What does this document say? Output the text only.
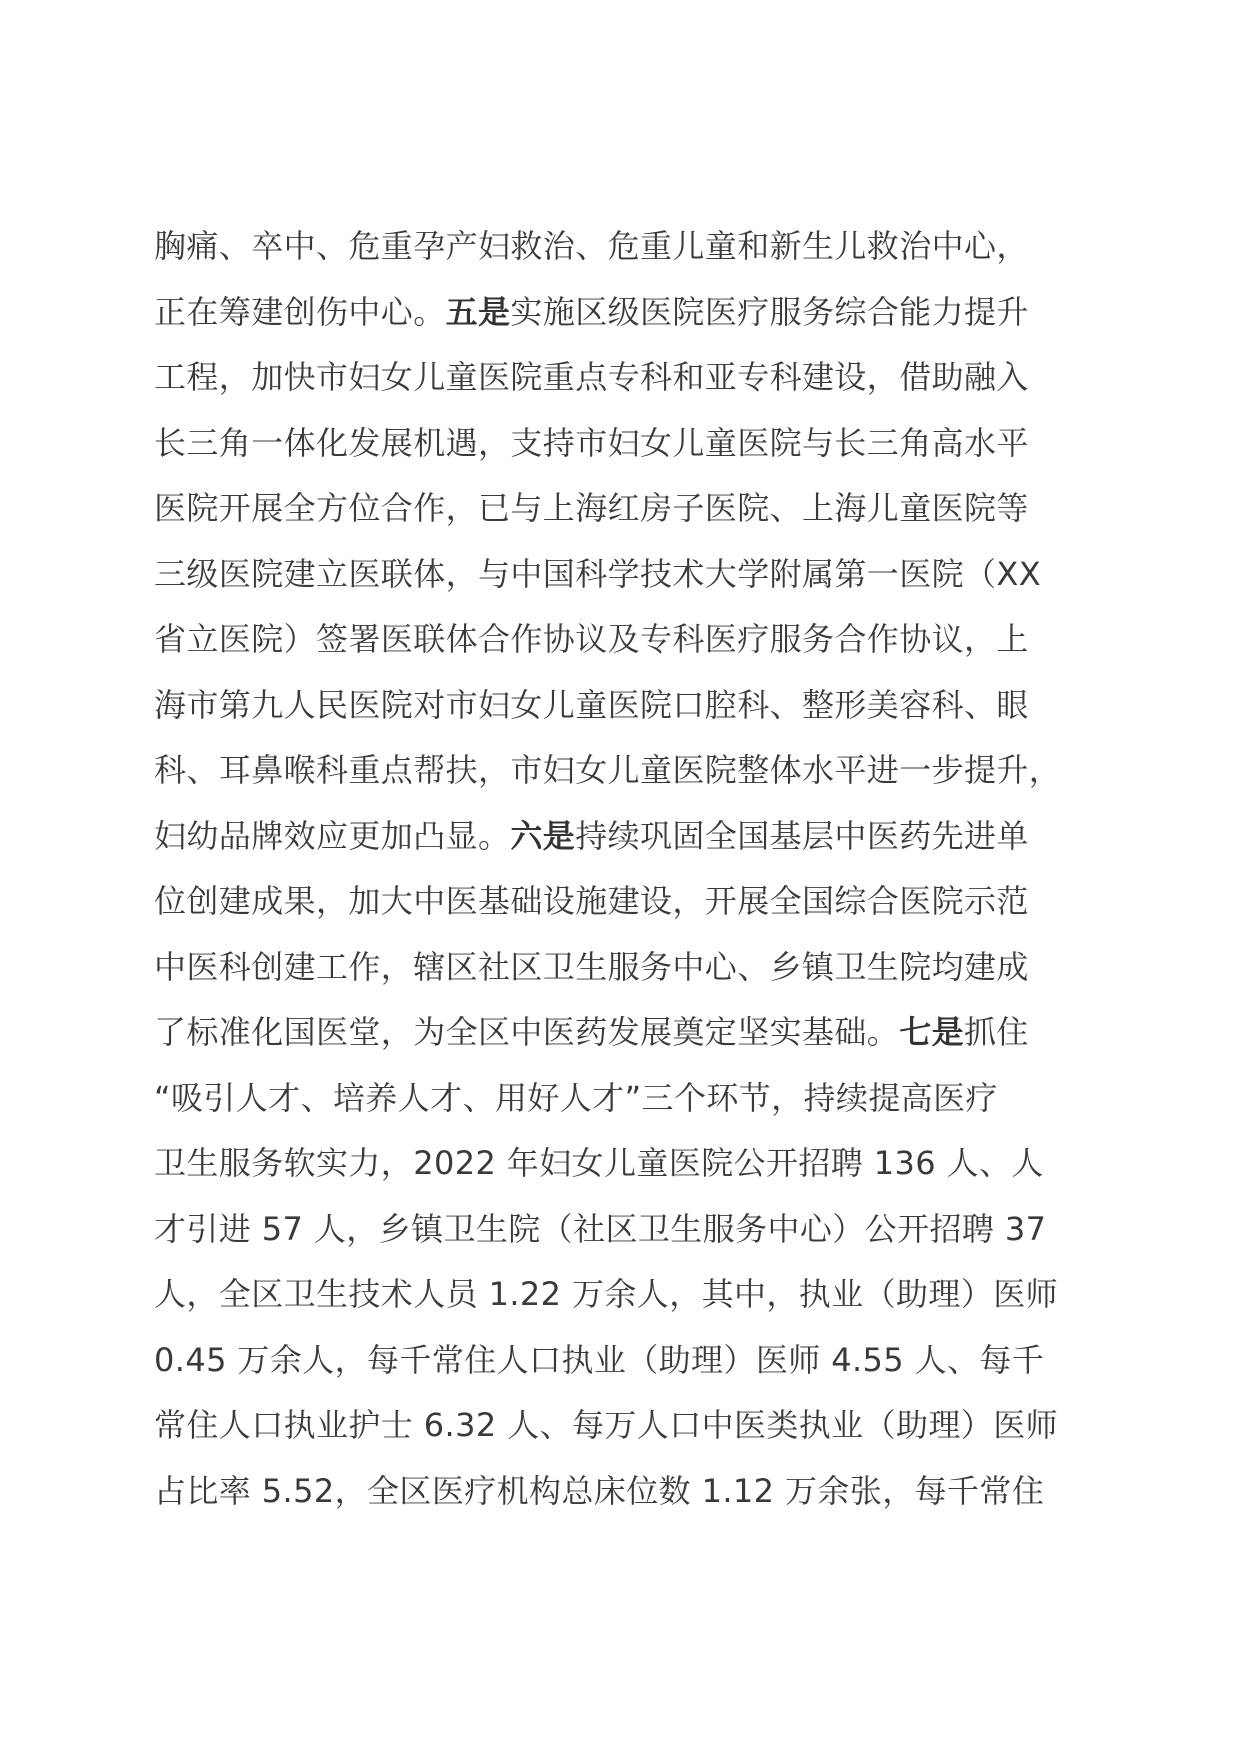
胸痛、卒中、危重孕产妇救治、危重儿童和新生儿救治中心，
正在筹建创伤中心。五是实施区级医院医疗服务综合能力提升
工程，加快市妇女儿童医院重点专科和亚专科建设，借助融入
长三角一体化发展机遇，支持市妇女儿童医院与长三角高水平
医院开展全方位合作，已与上海红房子医院、上海儿童医院等
三级医院建立医联体，与中国科学技术大学附属第一医院（XX
省立医院）签署医联体合作协议及专科医疗服务合作协议，上
海市第九人民医院对市妇女儿童医院口腔科、整形美容科、眼
科、耳鼻喉科重点帮扶，市妇女儿童医院整体水平进一步提升，
妇幼品牌效应更加凸显。六是持续巩固全国基层中医药先进单
位创建成果，加大中医基础设施建设，开展全国综合医院示范
中医科创建工作，辖区社区卫生服务中心、乡镇卫生院均建成
了标准化国医堂，为全区中医药发展奠定坚实基础。七是抓住
“吸引人才、培养人才、用好人才”三个环节，持续提高医疗
卫生服务软实力，2022 年妇女儿童医院公开招聘 136 人、人
才引进 57 人，乡镇卫生院（社区卫生服务中心）公开招聘 37
人，全区卫生技术人员 1.22 万余人，其中，执业（助理）医师
0.45 万余人，每千常住人口执业（助理）医师 4.55 人、每千
常住人口执业护士 6.32 人、每万人口中医类执业（助理）医师
占比率 5.52，全区医疗机构总床位数 1.12 万余张，每千常住
